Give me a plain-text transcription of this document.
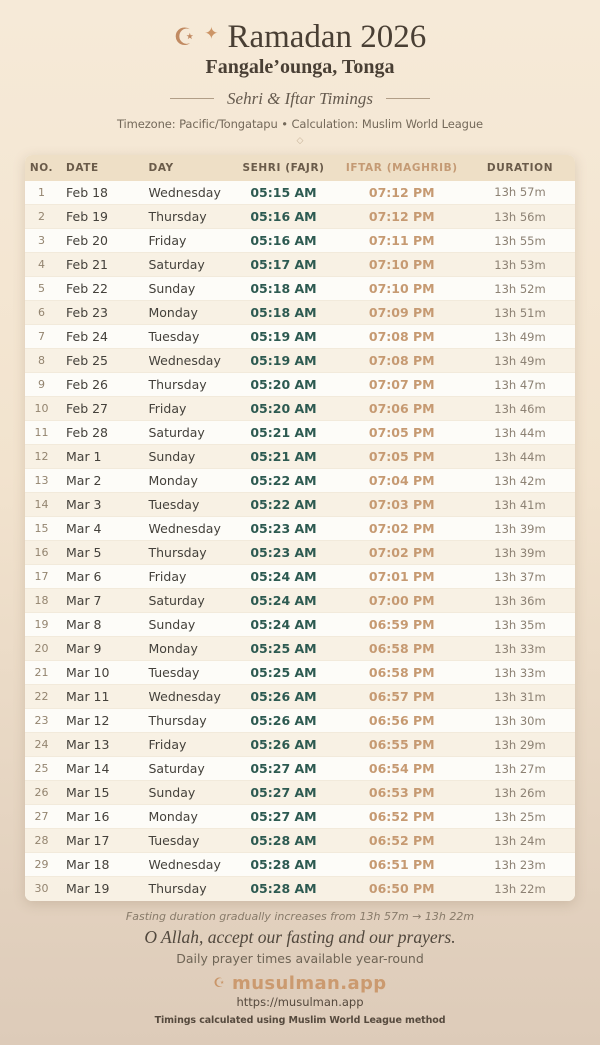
☪ ✦ Ramadan 2026
Fangale’ounga, Tonga
Sehri & Iftar Timings
Timezone: Pacific/Tongatapu • Calculation: Muslim World League
◇
NO.	DATE	DAY	SEHRI (FAJR)	IFTAR (MAGHRIB)	DURATION
1	Feb 18	Wednesday	05:15 AM	07:12 PM	13h 57m
2	Feb 19	Thursday	05:16 AM	07:12 PM	13h 56m
3	Feb 20	Friday	05:16 AM	07:11 PM	13h 55m
4	Feb 21	Saturday	05:17 AM	07:10 PM	13h 53m
5	Feb 22	Sunday	05:18 AM	07:10 PM	13h 52m
6	Feb 23	Monday	05:18 AM	07:09 PM	13h 51m
7	Feb 24	Tuesday	05:19 AM	07:08 PM	13h 49m
8	Feb 25	Wednesday	05:19 AM	07:08 PM	13h 49m
9	Feb 26	Thursday	05:20 AM	07:07 PM	13h 47m
10	Feb 27	Friday	05:20 AM	07:06 PM	13h 46m
11	Feb 28	Saturday	05:21 AM	07:05 PM	13h 44m
12	Mar 1	Sunday	05:21 AM	07:05 PM	13h 44m
13	Mar 2	Monday	05:22 AM	07:04 PM	13h 42m
14	Mar 3	Tuesday	05:22 AM	07:03 PM	13h 41m
15	Mar 4	Wednesday	05:23 AM	07:02 PM	13h 39m
16	Mar 5	Thursday	05:23 AM	07:02 PM	13h 39m
17	Mar 6	Friday	05:24 AM	07:01 PM	13h 37m
18	Mar 7	Saturday	05:24 AM	07:00 PM	13h 36m
19	Mar 8	Sunday	05:24 AM	06:59 PM	13h 35m
20	Mar 9	Monday	05:25 AM	06:58 PM	13h 33m
21	Mar 10	Tuesday	05:25 AM	06:58 PM	13h 33m
22	Mar 11	Wednesday	05:26 AM	06:57 PM	13h 31m
23	Mar 12	Thursday	05:26 AM	06:56 PM	13h 30m
24	Mar 13	Friday	05:26 AM	06:55 PM	13h 29m
25	Mar 14	Saturday	05:27 AM	06:54 PM	13h 27m
26	Mar 15	Sunday	05:27 AM	06:53 PM	13h 26m
27	Mar 16	Monday	05:27 AM	06:52 PM	13h 25m
28	Mar 17	Tuesday	05:28 AM	06:52 PM	13h 24m
29	Mar 18	Wednesday	05:28 AM	06:51 PM	13h 23m
30	Mar 19	Thursday	05:28 AM	06:50 PM	13h 22m
Fasting duration gradually increases from 13h 57m → 13h 22m
O Allah, accept our fasting and our prayers.
Daily prayer times available year-round
☪ musulman.app
https://musulman.app
Timings calculated using Muslim World League method
